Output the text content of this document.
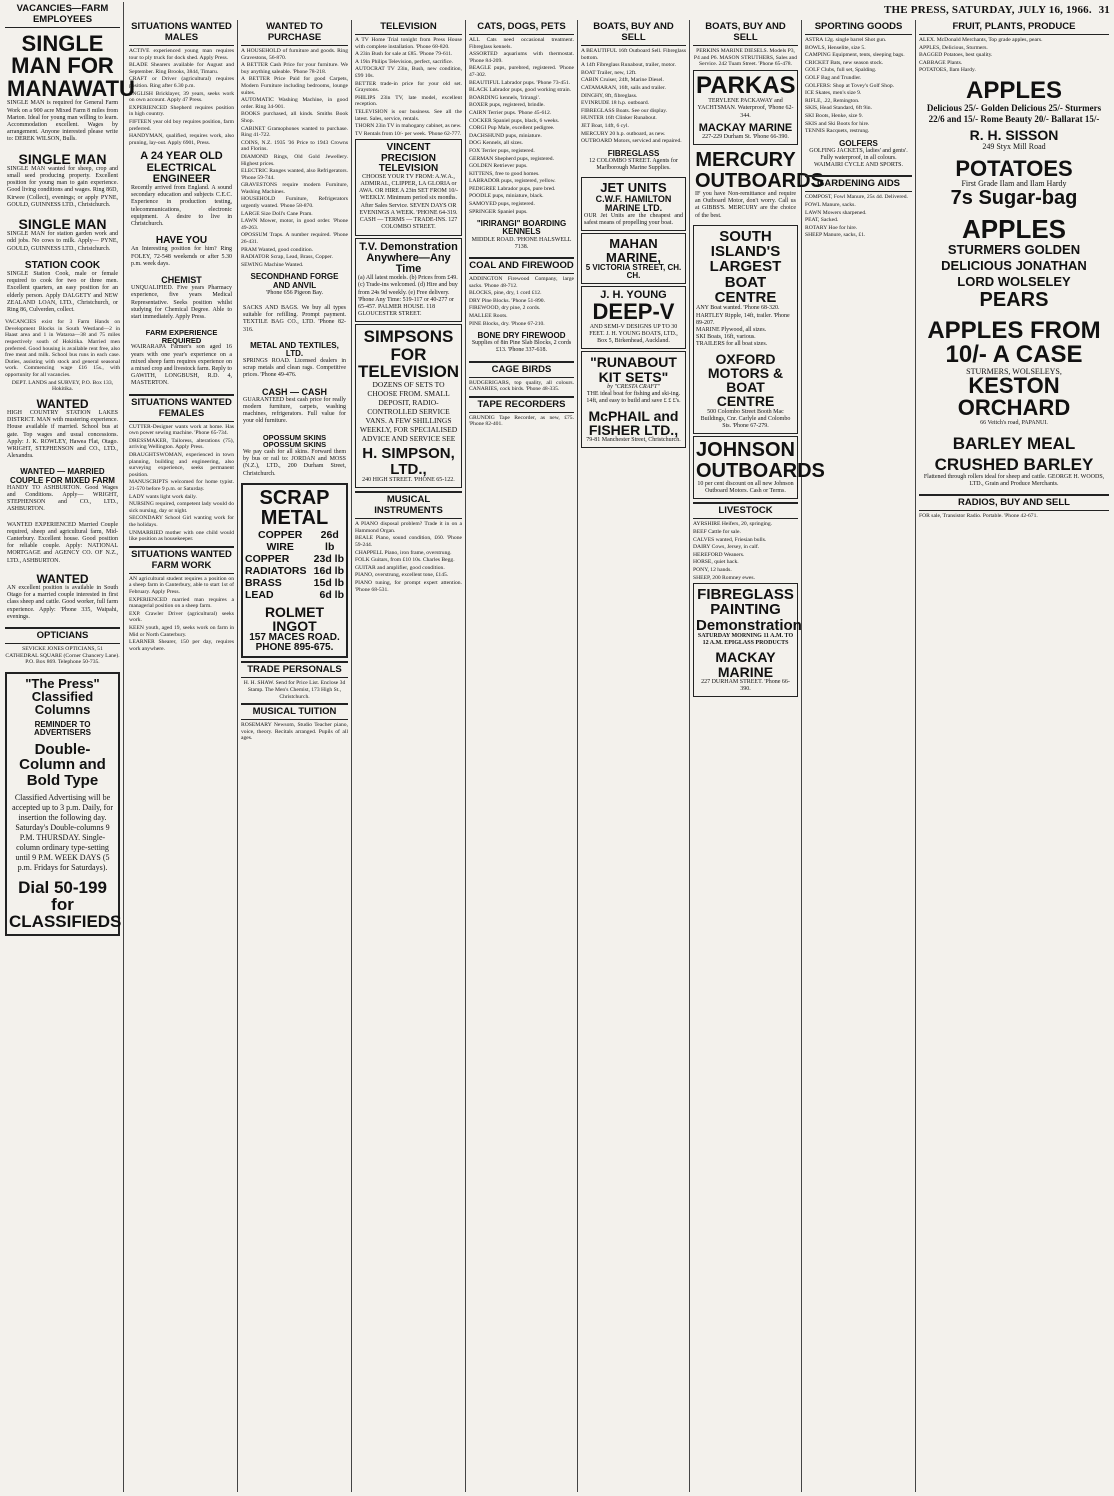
THE PRESS, SATURDAY, JULY 16, 1966. 31
VACANCIES—FARM EMPLOYEES
SINGLE MAN FOR MANAWATU
SINGLE MAN is required for General Farm Work on a 900 acre Mixed Farm 8 miles from Marton. Ideal for young man willing to learn. Accommodation excellent. Wages by arrangement. Anyone interested please write to: DEREK WILSON, Bulls.
SINGLE MAN
SINGLE MAN wanted for sheep, crop and small seed producing property. Excellent position for young man to gain experience. Good living conditions and wages. Ring 86D, Kirwee (Collect), evenings; or apply PYNE, GOULD, GUINNESS LTD., Christchurch.
SINGLE MAN
SINGLE MAN for station garden work and odd jobs. No cows to milk. Apply— PYNE, GOULD, GUINNESS LTD., Christchurch.
STATION COOK
SINGLE Station Cook, male or female required to cook for two or three men. Excellent quarters, an easy position for an elderly person. Apply DALGETY and NEW ZEALAND LOAN, LTD., Christchurch, or Ring 86, Culverden, collect.

VACANCIES exist for 3 Farm Hands on Development Blocks in South Westland—2 in Haast area and 1 in Wataroa—38 and 75 miles respectively south of Hokitika. Married men preferred. Good housing is available rent free, also free meat and milk. School bus runs in each case. Duties, assisting with stock and general seasonal work. Commencing wage £16 15s., with opportunity for all vacancies.

DEPT. LANDS and SURVEY, P.O. Box 133, Hokitika.

WANTED
HIGH COUNTRY STATION LAKES DISTRICT. MAN with mustering experience. House available if married. School bus at gate. Top wages and usual concessions. Apply: J. K. ROWLEY, Hawea Flat, Otago. WRIGHT, STEPHENSON and CO., LTD., Alexandra.
WANTED — MARRIED COUPLE FOR MIXED FARM
HANDY TO ASHBURTON. Good Wages and Conditions. Apply— WRIGHT, STEPHENSON and CO., LTD., ASHBURTON.
WANTED EXPERIENCED Married Couple required, sheep and agricultural farm, Mid-Canterbury. Excellent house. Good position for reliable couple. Apply: NATIONAL MORTGAGE and AGENCY CO. OF N.Z., LTD., ASHBURTON.
WANTED
AN excellent position is available in South Otago for a married couple interested in first class sheep and cattle. Good worker, full farm experience. Apply: 'Phone 335, Waipahi, evenings.
OPTICIANS

SEVICKE JONES OPTICIANS, 51 CATHEDRAL SQUARE (Corner Chancery Lane). P.O. Box 869. Telephone 50-735.

"The Press" Classified Columns
REMINDER TO ADVERTISERS
Double-Column and Bold Type
Classified Advertising will be accepted up to 3 p.m. Daily, for insertion the following day. Saturday's Double-columns 9 P.M. THURSDAY. Single-column ordinary type-setting until 9 P.M. WEEK DAYS (5 p.m. Fridays for Saturdays).
Dial 50-199 for CLASSIFIEDS
SITUATIONS WANTED MALES

ACTIVE experienced young man requires tour to ply truck for dock shed. Apply Press.

BLADE Shearers available for August and September. Ring Brooks, 3844, Timaru.

CRAFT or Driver (agricultural) requires position. Ring after 6.30 p.m.

ENGLISH Bricklayer, 39 years, seeks work on own account. Apply 47 Press.

EXPERIENCED Shepherd requires position in high country.

FIFTEEN year old boy requires position, farm preferred.

HANDYMAN, qualified, requires work, also pruning, lay-out. Apply 6901, Press.

A 24 YEAR OLD ELECTRICAL ENGINEER
Recently arrived from England. A sound secondary education and subjects C.E.C. Experience in production testing, telecommunications, electronic equipment. A desire to live in Christchurch.
HAVE YOU
An Interesting position for him? Ring FOLEY, 72-548 weekends or after 5.30 p.m. week days.
CHEMIST
UNQUALIFIED. Five years Pharmacy experience, five years Medical Representative. Seeks position whilst studying for Chemical Degree. Able to start immediately. Apply Press.
FARM EXPERIENCE REQUIRED
WAIRARAPA Farmer's son aged 16 years with one year's experience on a mixed sheep farm requires experience on a mixed crop and livestock farm. Reply to GAWITH, LONGBUSH, R.D. 4, MASTERTON.
SITUATIONS WANTED FEMALES

CUTTER-Designer wants work at home. Has own power sewing machine. 'Phone 65-734.

DRESSMAKER, Tailoress, alterations (75), arriving Wellington. Apply Press.

DRAUGHTSWOMAN, experienced in town planning, building and engineering, also surveying experience, seeks permanent position.

MANUSCRIPTS welcomed for home typist. 21-570 before 9 p.m. or Saturday.

LADY wants light work daily.

NURSING required, competent lady would do sick nursing, day or night.

SECONDARY School Girl wanting work for the holidays.

UNMARRIED mother with one child would like position as housekeeper.

SITUATIONS WANTED FARM WORK

AN agricultural student requires a position on a sheep farm in Canterbury, able to start 1st of February. Apply Press.

EXPERIENCED married man requires a managerial position on a sheep farm.

EXP. Crawler Driver (agricultural) seeks work.

KEEN youth, aged 19, seeks work on farm in Mid or North Canterbury.

LEARNER Shearer, 150 per day, requires work anywhere.

WANTED TO PURCHASE

A HOUSEHOLD of furniture and goods. Ring Gravestons, 56-870.

A BETTER Cash Price for your furniture. We buy anything saleable. 'Phone 78-218.

A BETTER Price Paid for good Carpets, Modern Furniture including bedrooms, lounge suites.

AUTOMATIC Washing Machine, in good order. Ring 34-901.

BOOKS purchased, all kinds. Smiths Book Shop.

CABINET Gramophones wanted to purchase. Ring 41-722.

COINS, N.Z. 1935 '36 Price to 1943 Crowns and Florins.

DIAMOND Rings, Old Gold Jewellery. Highest prices.

ELECTRIC Ranges wanted, also Refrigerators. 'Phone 59-744.

GRAVESTONS require modern Furniture, Washing Machines.

HOUSEHOLD Furniture, Refrigerators urgently wanted. 'Phone 58-870.

LARGE Size Doll's Cane Pram.

LAWN Mower, motor, in good order. 'Phone 49-263.

OPOSSUM Traps. A number required. 'Phone 26-431.

PRAM Wanted, good condition.

RADIATOR Scrap, Lead, Brass, Copper.

SEWING Machine Wanted.

SECONDHAND FORGE AND ANVIL
'Phone 656 Pigeon Bay.
SACKS AND BAGS. We buy all types suitable for refilling. Prompt payment. TEXTILE BAG CO., LTD. 'Phone 82-316.
METAL AND TEXTILES, LTD.
SPRINGS ROAD. Licensed dealers in scrap metals and clean rags. Competitive prices. 'Phone 49-476.
CASH — CASH
GUARANTEED best cash price for really modern furniture, carpets, washing machines, refrigerators. Full value for your old furniture.
OPOSSUM SKINS OPOSSUM SKINS
We pay cash for all skins. Forward them by bus or rail to: JORDAN and MOSS (N.Z.), LTD., 200 Durham Street, Christchurch.
SCRAP METAL
COPPER WIRE
26d lb
COPPER 23d lb
RADIATORS 16d lb
BRASS	15d lb
LEAD	6d lb
ROLMET INGOT
157 MACES ROAD.
PHONE 895-675.
TRADE PERSONALS

H. H. SHAW. Send for Price List. Enclose 3d Stamp. The Men's Chemist, 173 High St., Christchurch.

MUSICAL TUITION

ROSEMARY Newsom, Studio Teacher piano, voice, theory. Recitals arranged. Pupils of all ages.

TELEVISION

A TV Home Trial tonight from Press House with complete installation. 'Phone 68-820.

A 23in Bush for sale at £85. 'Phone 79-611.

A 19in Philips Television, perfect, sacrifice.

AUTOCRAT TV 23in, Bush, new condition, £99 10s.

BETTER trade-in price for your old set. Graystons.

PHILIPS 23in TV, late model, excellent reception.

TELEVISION is our business. See all the latest. Sales, service, rentals.

THORN 23in TV in mahogany cabinet, as new.

TV Rentals from 10/- per week. 'Phone 62-777.

VINCENT PRECISION TELEVISION
CHOOSE YOUR TV FROM: A.W.A., ADMIRAL, CLIPPER, LA GLORIA or AWA. OR HIRE A 23in SET FROM 10/- WEEKLY. Minimum period six months. After Sales Service. SEVEN DAYS OR EVENINGS A WEEK. 'PHONE 64-319. CASH — TERMS — TRADE-INS. 127 COLOMBO STREET.
T.V. Demonstration Anywhere—Any Time
(a) All latest models. (b) Prices from £49. (c) Trade-ins welcomed. (d) Hire and buy from 24s 9d weekly. (e) Free delivery. 'Phone Any Time: 519-117 or 40-277 or 65-457. PALMER HOUSE. 118 GLOUCESTER STREET.
SIMPSONS FOR TELEVISION
DOZENS OF SETS TO CHOOSE FROM. SMALL DEPOSIT, RADIO-CONTROLLED SERVICE VANS. A FEW SHILLINGS WEEKLY, FOR SPECIALISED ADVICE AND SERVICE SEE
H. SIMPSON, LTD.,
240 HIGH STREET. 'PHONE 65-122.
MUSICAL INSTRUMENTS

A PIANO disposal problem? Trade it in on a Hammond Organ.

BEALE Piano, sound condition, £60. 'Phone 59-244.

CHAPPELL Piano, iron frame, overstrung.

FOLK Guitars, from £10 10s. Charles Begg.

GUITAR and amplifier, good condition.

PIANO, overstrung, excellent tone, £145.

PIANO tuning, for prompt expert attention. 'Phone 68-531.

CATS, DOGS, PETS

ALL Cats need occasional treatment. Fibreglass kennels.

ASSORTED aquariums with thermostat. 'Phone 84-209.

BEAGLE pups, purebred, registered. 'Phone 47-302.

BEAUTIFUL Labrador pups. 'Phone 73-451.

BLACK Labrador pups, good working strain.

BOARDING kennels, 'Irirangi'.

BOXER pups, registered, brindle.

CAIRN Terrier pups. 'Phone 45-612.

COCKER Spaniel pups, black, 6 weeks.

CORGI Pup Male, excellent pedigree.

DACHSHUND pups, miniature.

DOG Kennels, all sizes.

FOX Terrier pups, registered.

GERMAN Shepherd pups, registered.

GOLDEN Retriever pups.

KITTENS, free to good homes.

LABRADOR pups, registered, yellow.

PEDIGREE Labrador pups, pure bred.

POODLE pups, miniature, black.

SAMOYED pups, registered.

SPRINGER Spaniel pups.

"IRIRANGI" BOARDING KENNELS
MIDDLE ROAD. 'PHONE HALSWELL 7138.
COAL AND FIREWOOD

ADDINGTON Firewood Company, large sacks. 'Phone 48-712.

BLOCKS, pine, dry, 1 cord £12.

DRY Pine Blocks. 'Phone 51-890.

FIREWOOD, dry pine, 2 cords.

MALLEE Roots.

PINE Blocks, dry. 'Phone 67-210.

BONE DRY FIREWOOD
Supplies of 8in Pine Slab Blocks, 2 cords £13. 'Phone 337-618.
CAGE BIRDS

BUDGERIGARS, top quality, all colours. CANARIES, cock birds. 'Phone 48-335.

TAPE RECORDERS

GRUNDIG Tape Recorder, as new, £75. 'Phone 82-401.

BOATS, BUY AND SELL

A BEAUTIFUL 16ft Outboard Sell. Fibreglass bottom.

A 14ft Fibreglass Runabout, trailer, motor.

BOAT Trailer, new, 12ft.

CABIN Cruiser, 24ft, Marine Diesel.

CATAMARAN, 16ft, sails and trailer.

DINGHY, 8ft, fibreglass.

EVINRUDE 18 h.p. outboard.

FIBREGLASS Boats. See our display.

HUNTER 16ft Clinker Runabout.

JET Boat, 14ft, 6 cyl.

MERCURY 20 h.p. outboard, as new.

OUTBOARD Motors, serviced and repaired.

FIBREGLASS
12 COLOMBO STREET. Agents for Marlborough Marine Supplies.
JET UNITS
C.W.F. HAMILTON MARINE LTD.
OUR Jet Units are the cheapest and safest means of propelling your boat.
MAHAN MARINE,
5 VICTORIA STREET, CH. CH.
J. H. YOUNG
DEEP-V
AND SEMI-V DESIGNS UP TO 30 FEET. J. H. YOUNG BOATS, LTD., Box 5, Birkenhead, Auckland.
"RUNABOUT KIT SETS"
by "CRESTA CRAFT"
THE ideal boat for fishing and ski-ing. 14ft, and easy to build and save £ £ £'s.
McPHAIL and FISHER LTD.,
79-81 Manchester Street, Christchurch.
BOATS, BUY AND SELL

PERKINS MARINE DIESELS. Models P3, P4 and P6. MASON STRUTHERS, Sales and Service. 242 Tuam Street. 'Phone 65-478.

PARKAS
TERYLENE PACKAWAY and YACHTSMAN. Waterproof, 'Phone 62-344.
MACKAY MARINE
227-229 Durham St. 'Phone 66-390.
MERCURY OUTBOARDS
IF you have Non-remittance and require an Outboard Motor, don't worry. Call us at GIBBS'S. MERCURY are the choice of the best.
SOUTH ISLAND'S LARGEST BOAT CENTRE
ANY Boat wanted. 'Phone 68-320.
HARTLEY Ripple, 14ft, trailer. 'Phone 89-207.
MARINE Plywood, all sizes.
SKI Boats, 16ft, various.
TRAILERS for all boat sizes.
OXFORD MOTORS & BOAT CENTRE
500 Colombo Street Booth Mac Buildings, Cnr. Carlyle and Colombo Sts. 'Phone 67-279.
JOHNSON OUTBOARDS
10 per cent discount on all new Johnson Outboard Motors. Cash or Terms.
LIVESTOCK

AYRSHIRE Heifers, 20, springing.

BEEF Cattle for sale.

CALVES wanted, Friesian bulls.

DAIRY Cows, Jersey, in calf.

HEREFORD Weaners.

HORSE, quiet hack.

PONY, 12 hands.

SHEEP, 200 Romney ewes.

FIBREGLASS PAINTING Demonstration
SATURDAY MORNING 11 A.M. TO 12 A.M. EPIGLASS PRODUCTS
MACKAY MARINE
227 DURHAM STREET. 'Phone 66-390.
SPORTING GOODS

ASTRA 12g. single barrel Shot gun.

BOWLS, Henselite, size 5.

CAMPING Equipment, tents, sleeping bags.

CRICKET Bats, new season stock.

GOLF Clubs, full set, Spalding.

GOLF Bag and Trundler.

GOLFERS: Shop at Tovey's Golf Shop.

ICE Skates, men's size 9.

RIFLE, .22, Remington.

SKIS, Head Standard, 6ft 9in.

SKI Boots, Henke, size 9.

SKIS and Ski Boots for hire.

TENNIS Racquets, restrung.

GOLFERS
GOLFING JACKETS, ladies' and gents'. Fully waterproof, in all colours. WAIMAIRI CYCLE AND SPORTS.
GARDENING AIDS

COMPOST, Fowl Manure, 25s 4d. Delivered.

FOWL Manure, sacks.

LAWN Mowers sharpened.

PEAT, Sacked.

ROTARY Hoe for hire.

SHEEP Manure, sacks, £1.

FRUIT, PLANTS, PRODUCE

ALEX. McDonald Merchants, Top grade apples, pears.

APPLES, Delicious, Sturmers.

BAGGED Potatoes, best quality.

CABBAGE Plants.

POTATOES, Ilam Hardy.

APPLES
Delicious 25/- Golden Delicious 25/- Sturmers 22/6 and 15/- Rome Beauty 20/- Ballarat 15/-
R. H. SISSON
249 Styx Mill Road
POTATOES
First Grade Ilam and Ilam Hardy
7s Sugar-bag
APPLES
STURMERS GOLDEN DELICIOUS JONATHAN LORD WOLSELEY
PEARS
APPLES FROM 10/- A CASE
STURMERS, WOLSELEYS,
KESTON ORCHARD
66 Veitch's road, PAPANUI.
BARLEY MEAL
CRUSHED BARLEY
Flattened through rollers ideal for sheep and cattle. GEORGE H. WOODS, LTD., Grain and Produce Merchants.
RADIOS, BUY AND SELL

FOR sale, Transistor Radio. Portable. 'Phone 42-671.
